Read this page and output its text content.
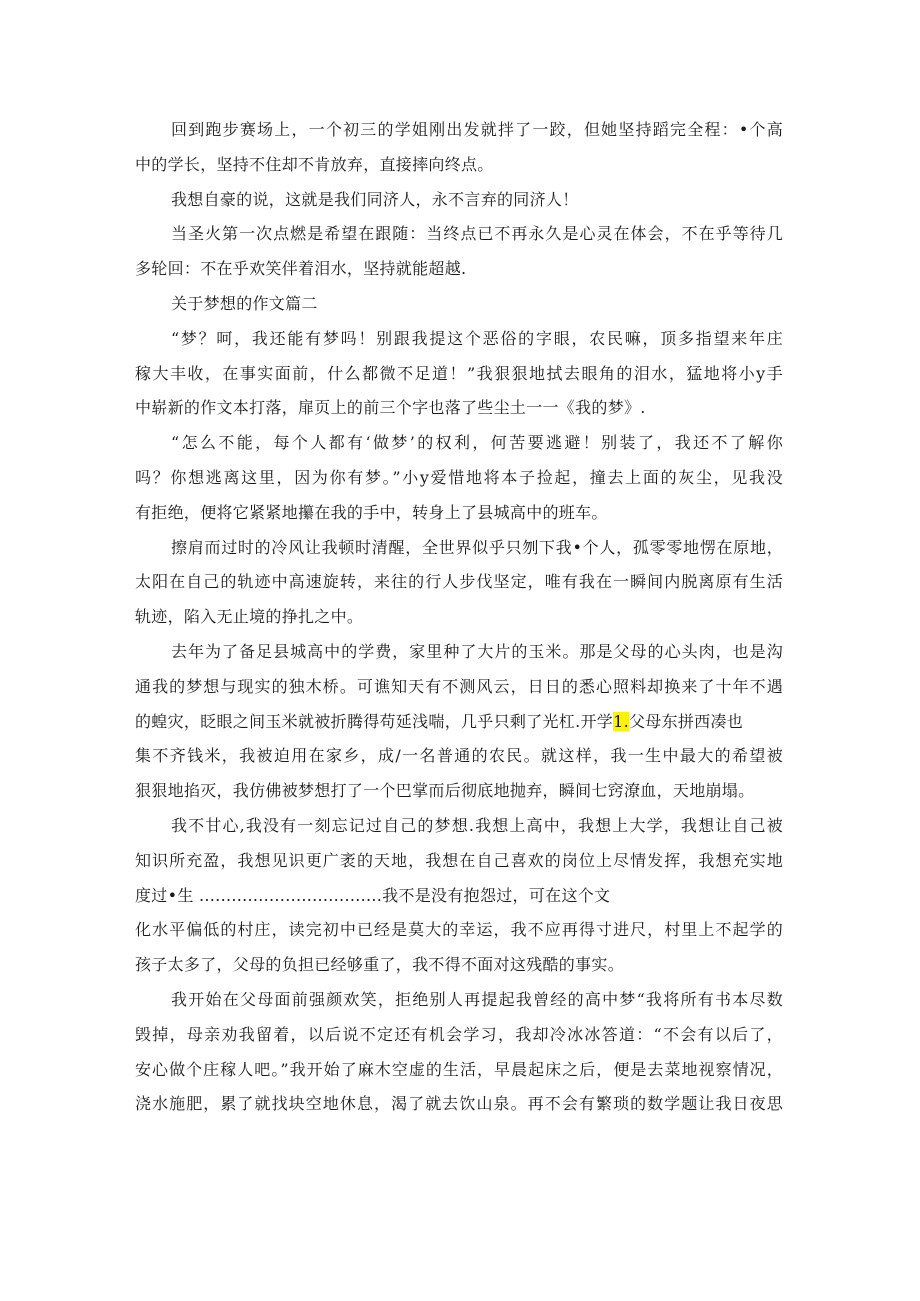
回到跑步赛场上，一个初三的学姐刚出发就拌了一跤，但她坚持蹈完全程：•个高
中的学长，坚持不住却不肯放弃，直接摔向终点。
我想自豪的说，这就是我们同济人，永不言弃的同济人！
当圣火第一次点燃是希望在跟随：当终点已不再永久是心灵在体会，不在乎等待几
多轮回：不在乎欢笑伴着泪水，坚持就能超越.
关于梦想的作文篇二
“梦？呵，我还能有梦吗！别跟我提这个恶俗的字眼，农民嘛，顶多指望来年庄
稼大丰收，在事实面前，什么都微不足道！”我狠狠地拭去眼角的泪水，猛地将小y手
中崭新的作文本打落，扉页上的前三个字也落了些尘土一一《我的梦》.
“怎么不能，每个人都有‘做梦’的权利，何苦要逃避！别装了，我还不了解你
吗？你想逃离这里，因为你有梦。”小y爱惜地将本子捡起，撞去上面的灰尘，见我没
有拒绝，便将它紧紧地攥在我的手中，转身上了县城高中的班车。
擦肩而过时的冷风让我顿时清醒，全世界似乎只刎下我•个人，孤零零地愣在原地，
太阳在自己的轨迹中高速旋转，来往的行人步伐坚定，唯有我在一瞬间内脱离原有生活
轨迹，陷入无止境的挣扎之中。
去年为了备足县城高中的学费，家里种了大片的玉米。那是父母的心头肉，也是沟
通我的梦想与现实的独木桥。可谯知天有不测风云，日日的悉心照料却换来了十年不遇
的蝗灾，眨眼之间玉米就被折腾得苟延浅喘，几乎只剩了光杠.开学1.父母东拼西凑也
集不齐钱米，我被迫用在家乡，成/一名普通的农民。就这样，我一生中最大的希望被
狠狠地掐灭，我仿佛被梦想打了一个巴掌而后彻底地抛弃，瞬间七窍潦血，天地崩塌。
我不甘心,我没有一刻忘记过自己的梦想.我想上高中，我想上大学，我想让自己被
知识所充盈，我想见识更广袤的天地，我想在自己喜欢的岗位上尽情发挥，我想充实地
度过•生 ..................................我不是没有抱怨过，可在这个文
化水平偏低的村庄，读完初中已经是莫大的幸运，我不应再得寸进尺，村里上不起学的
孩子太多了，父母的负担已经够重了，我不得不面对这残酷的事实。
我开始在父母面前强颜欢笑，拒绝别人再提起我曾经的高中梦“我将所有书本尽数
毁掉，母亲劝我留着，以后说不定还有机会学习，我却冷冰冰答道：“不会有以后了，
安心做个庄稼人吧。”我开始了麻木空虚的生活，早晨起床之后，便是去菜地视察情况，
浇水施肥，累了就找块空地休息，渴了就去饮山泉。再不会有繁琐的数学题让我日夜思
